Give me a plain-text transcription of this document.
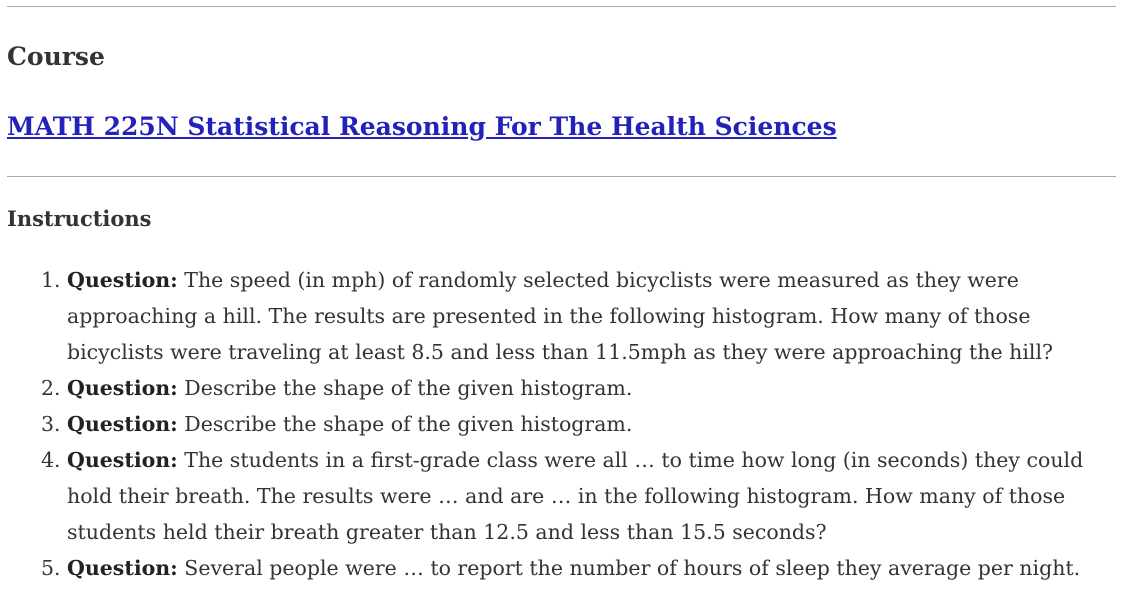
Course
MATH 225N Statistical Reasoning For The Health Sciences
Instructions
1. Question: The speed (in mph) of randomly selected bicyclists were measured as they were approaching a hill. The results are presented in the following histogram. How many of those bicyclists were traveling at least 8.5 and less than 11.5mph as they were approaching the hill?
2. Question: Describe the shape of the given histogram.
3. Question: Describe the shape of the given histogram.
4. Question: The students in a first-grade class were all … to time how long (in seconds) they could hold their breath. The results were … and are … in the following histogram. How many of those students held their breath greater than 12.5 and less than 15.5 seconds?
5. Question: Several people were … to report the number of hours of sleep they average per night.
